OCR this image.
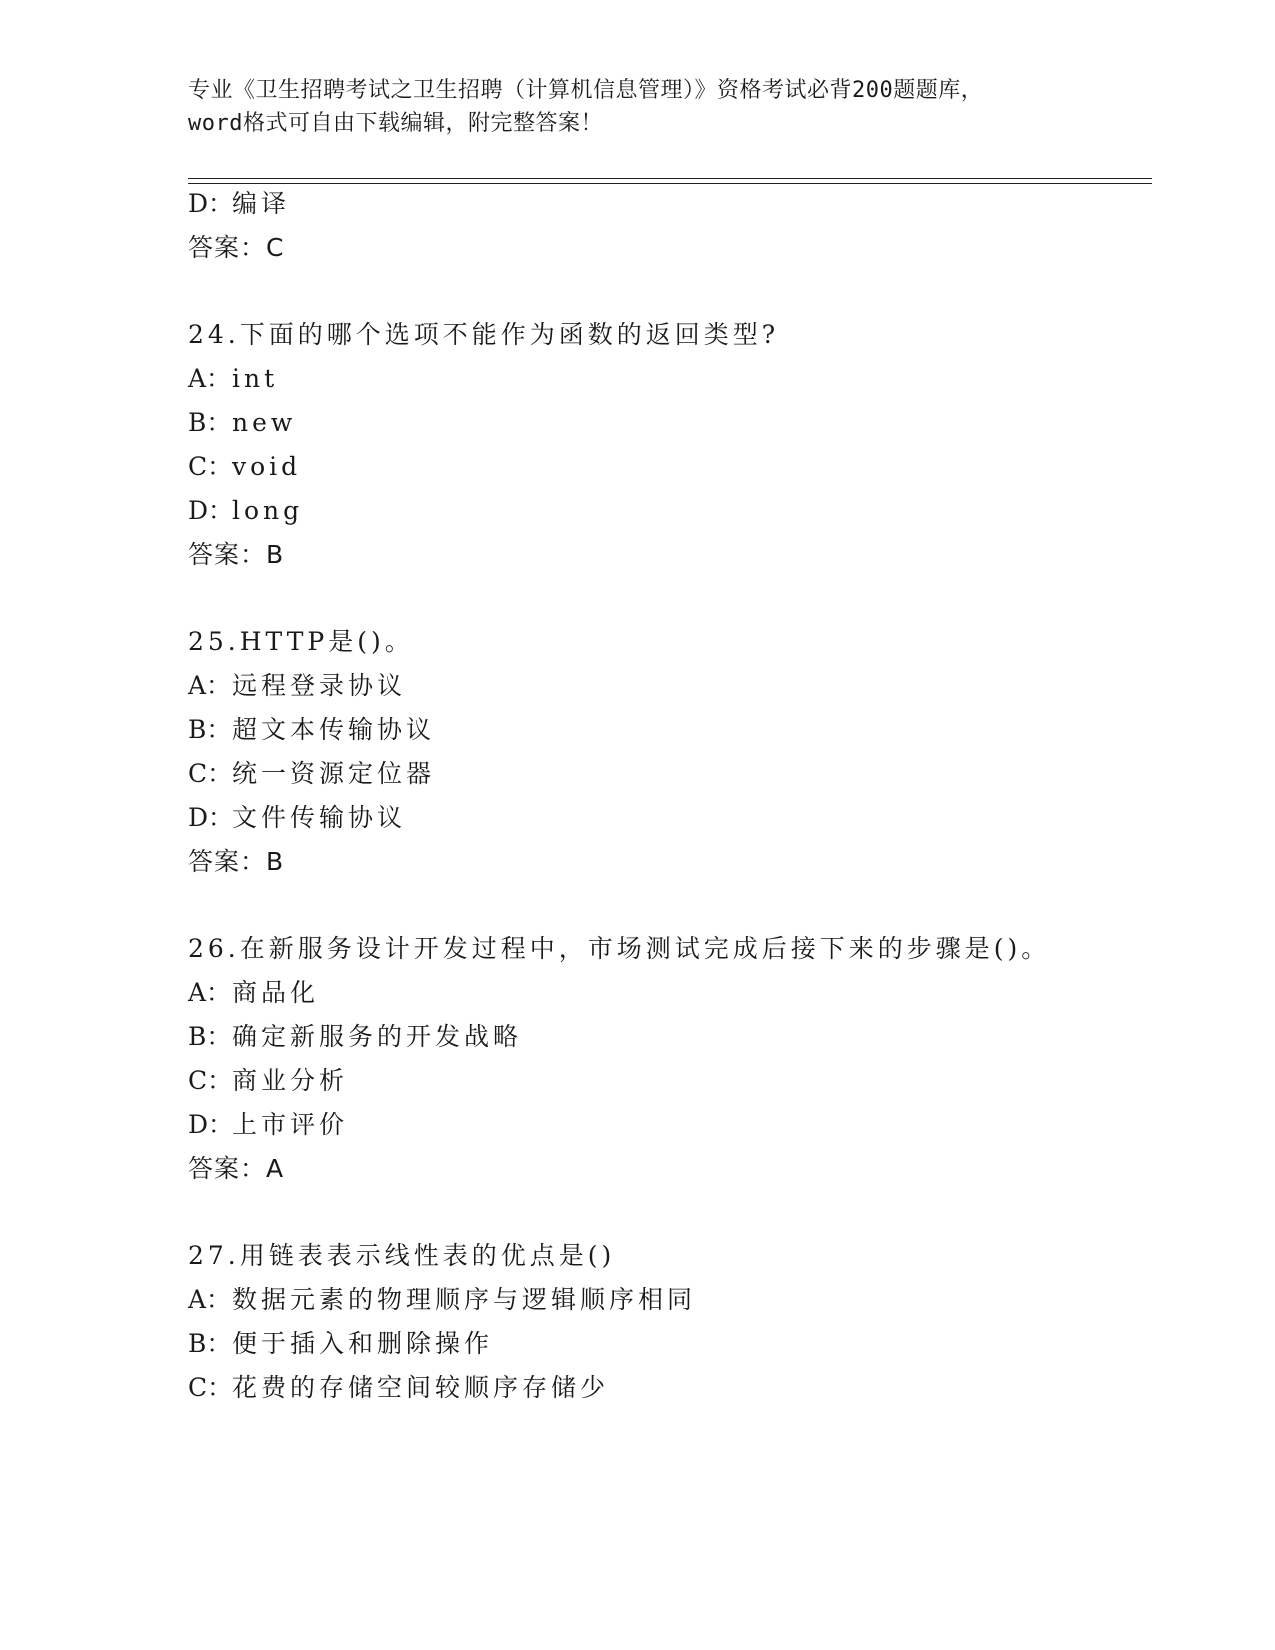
专业《卫生招聘考试之卫生招聘（计算机信息管理）》资格考试必背200题题库，
word格式可自由下载编辑，附完整答案！
D：编译
答案：C
24.下面的哪个选项不能作为函数的返回类型?
A：int
B：new
C：void
D：long
答案：B
25.HTTP是()。
A：远程登录协议
B：超文本传输协议
C：统一资源定位器
D：文件传输协议
答案：B
26.在新服务设计开发过程中，市场测试完成后接下来的步骤是()。
A：商品化
B：确定新服务的开发战略
C：商业分析
D：上市评价
答案：A
27.用链表表示线性表的优点是()
A：数据元素的物理顺序与逻辑顺序相同
B：便于插入和删除操作
C：花费的存储空间较顺序存储少
